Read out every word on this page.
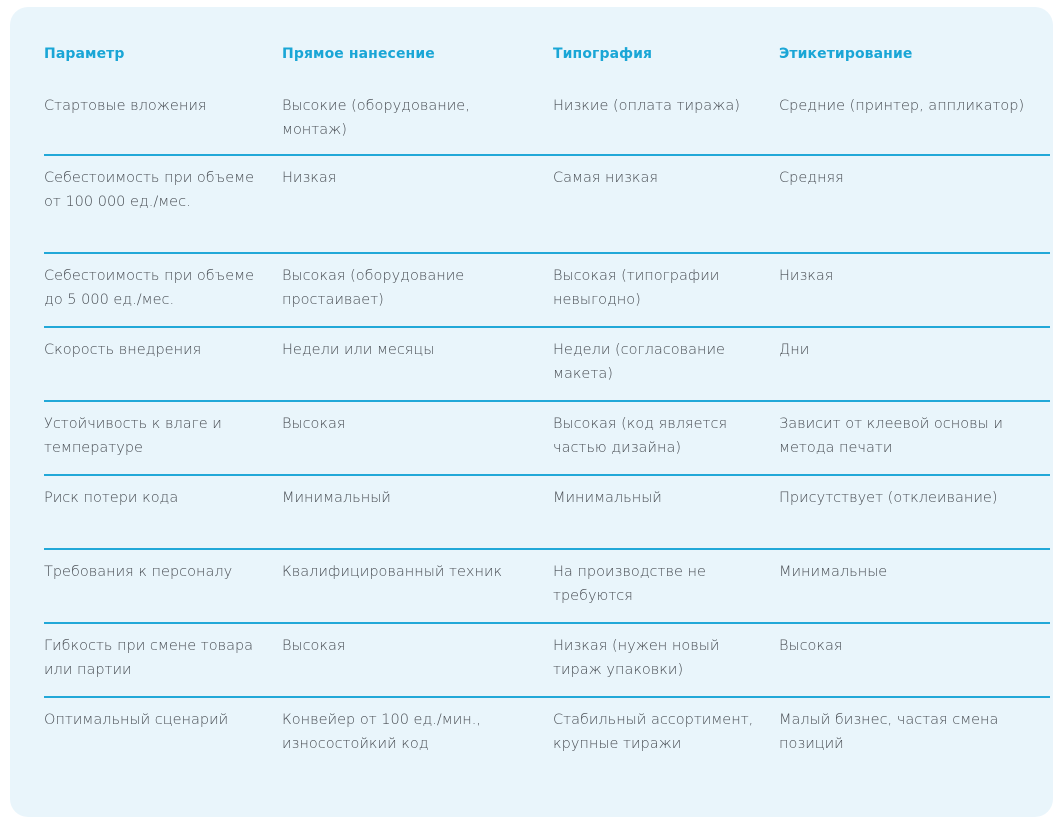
Параметр	Прямое нанесение	Типография	Этикетирование
Стартовые вложения	Высокие (оборудование, монтаж)	Низкие (оплата тиража)	Средние (принтер, аппликатор)
Себестоимость при объеме от 100 000 ед./мес.	Низкая	Самая низкая	Средняя
Себестоимость при объеме до 5 000 ед./мес.	Высокая (оборудование простаивает)	Высокая (типографии невыгодно)	Низкая
Скорость внедрения	Недели или месяцы	Недели (согласование макета)	Дни
Устойчивость к влаге и температуре	Высокая	Высокая (код является частью дизайна)	Зависит от клеевой основы и метода печати
Риск потери кода	Минимальный	Минимальный	Присутствует (отклеивание)
Требования к персоналу	Квалифицированный техник	На производстве не требуются	Минимальные
Гибкость при смене товара или партии	Высокая	Низкая (нужен новый тираж упаковки)	Высокая
Оптимальный сценарий	Конвейер от 100 ед./мин., износостойкий код	Стабильный ассортимент, крупные тиражи	Малый бизнес, частая смена позиций
